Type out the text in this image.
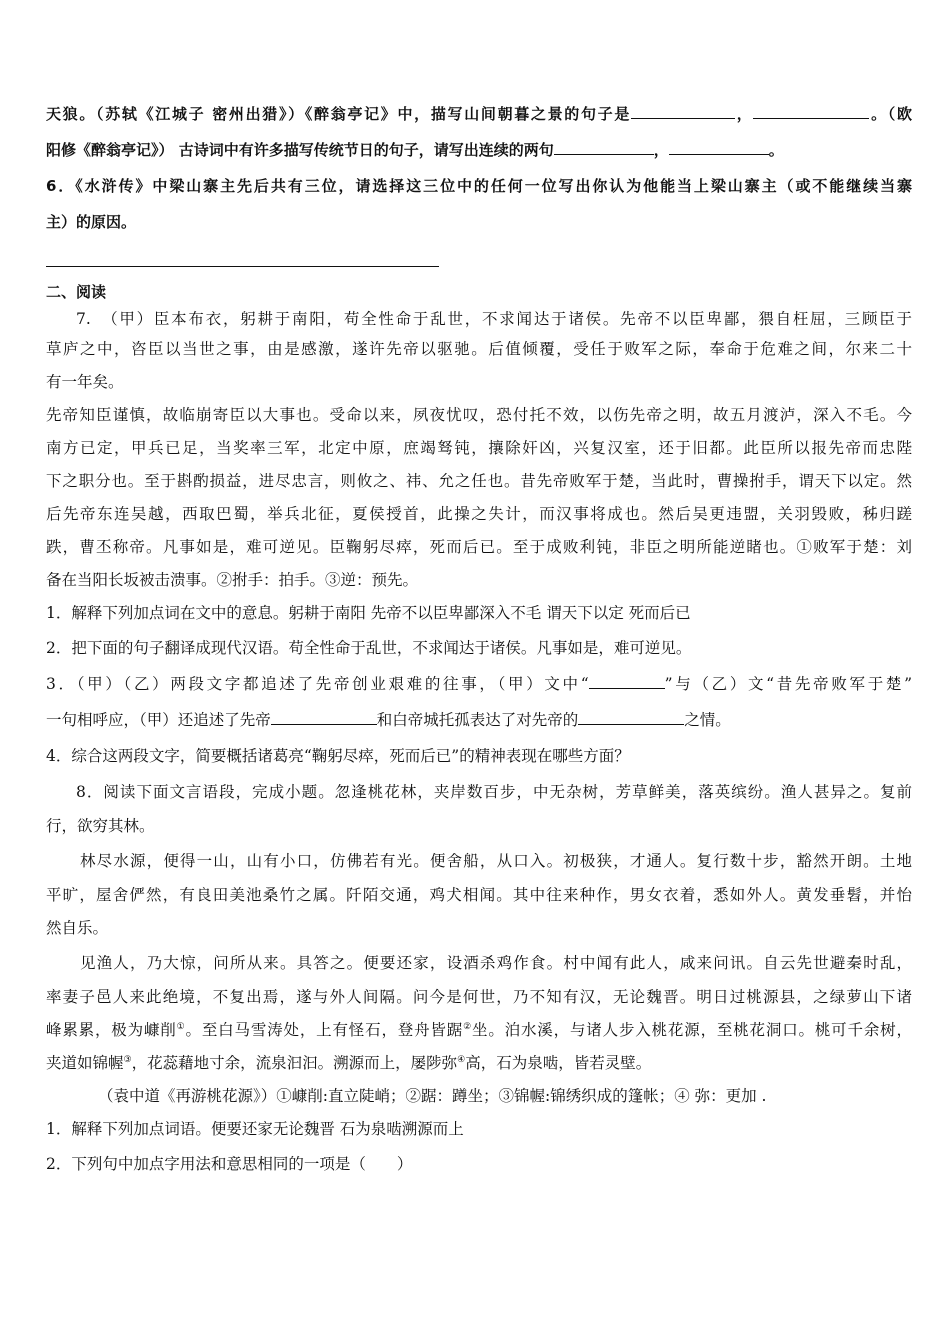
天狼。（苏轼《江城子 密州出猎》）《醉翁亭记》中，描写山间朝暮之景的句子是	，	。（欧
阳修《醉翁亭记》） 古诗词中有许多描写传统节日的句子，请写出连续的两句	，	。
6．《水浒传》中梁山寨主先后共有三位，请选择这三位中的任何一位写出你认为他能当上梁山寨主（或不能继续当寨
主）的原因。
二、阅读
7.　（甲）臣本布衣，躬耕于南阳，苟全性命于乱世，不求闻达于诸侯。先帝不以臣卑鄙，猥自枉屈，三顾臣于
草庐之中，咨臣以当世之事，由是感激，遂许先帝以驱驰。后值倾覆，受任于败军之际，奉命于危难之间，尔来二十
有一年矣。
先帝知臣谨慎，故临崩寄臣以大事也。受命以来，夙夜忧叹，恐付托不效，以伤先帝之明，故五月渡泸，深入不毛。今
南方已定，甲兵已足，当奖率三军，北定中原，庶竭驽钝，攘除奸凶，兴复汉室，还于旧都。此臣所以报先帝而忠陛
下之职分也。至于斟酌损益，进尽忠言，则攸之、祎、允之任也。昔先帝败军于楚，当此时，曹操拊手，谓天下以定。然
后先帝东连吴越，西取巴蜀，举兵北征，夏侯授首，此操之失计，而汉事将成也。然后吴更违盟，关羽毁败，秭归蹉
跌，曹丕称帝。凡事如是，难可逆见。臣鞠躬尽瘁，死而后已。至于成败利钝，非臣之明所能逆睹也。①败军于楚：刘
备在当阳长坂被击溃事。②拊手：拍手。③逆：预先。
1．解释下列加点词在文中的意息。躬耕于南阳 先帝不以臣卑鄙深入不毛 谓天下以定 死而后已
2．把下面的句子翻译成现代汉语。苟全性命于乱世，不求闻达于诸侯。凡事如是，难可逆见。
3．（甲）（乙）两段文字都追述了先帝创业艰难的往事，（甲）文中“	”与（乙）文“昔先帝败军于楚”
一句相呼应，（甲）还追述了先帝	和白帝城托孤表达了对先帝的	之情。
4．综合这两段文字，简要概括诸葛亮“鞠躬尽瘁，死而后已”的精神表现在哪些方面？
8．阅读下面文言语段，完成小题。忽逢桃花林，夹岸数百步，中无杂树，芳草鲜美，落英缤纷。渔人甚异之。复前
行，欲穷其林。
林尽水源，便得一山，山有小口，仿佛若有光。便舍船，从口入。初极狭，才通人。复行数十步，豁然开朗。土地
平旷，屋舍俨然，有良田美池桑竹之属。阡陌交通，鸡犬相闻。其中往来种作，男女衣着，悉如外人。黄发垂髫，并怡
然自乐。
见渔人，乃大惊，问所从来。具答之。便要还家，设酒杀鸡作食。村中闻有此人，咸来问讯。自云先世避秦时乱，
率妻子邑人来此绝境，不复出焉，遂与外人间隔。问今是何世，乃不知有汉，无论魏晋。明日过桃源县，之绿萝山下诸
峰累累，极为嵻削①。至白马雪涛处，上有怪石，登舟皆踞②坐。泊水溪，与诸人步入桃花源，至桃花洞口。桃可千余树，
夹道如锦幄③，花蕊藉地寸余，流泉汩汩。溯源而上，屡陟弥④高，石为泉啮，皆若灵壁。
（袁中道《再游桃花源》）①嵻削:直立陡峭；②踞：蹲坐；③锦幄:锦绣织成的篷帐；④ 弥：更加 .
1．解释下列加点词语。便要还家无论魏晋 石为泉啮溯源而上
2．下列句中加点字用法和意思相同的一项是（　　）
